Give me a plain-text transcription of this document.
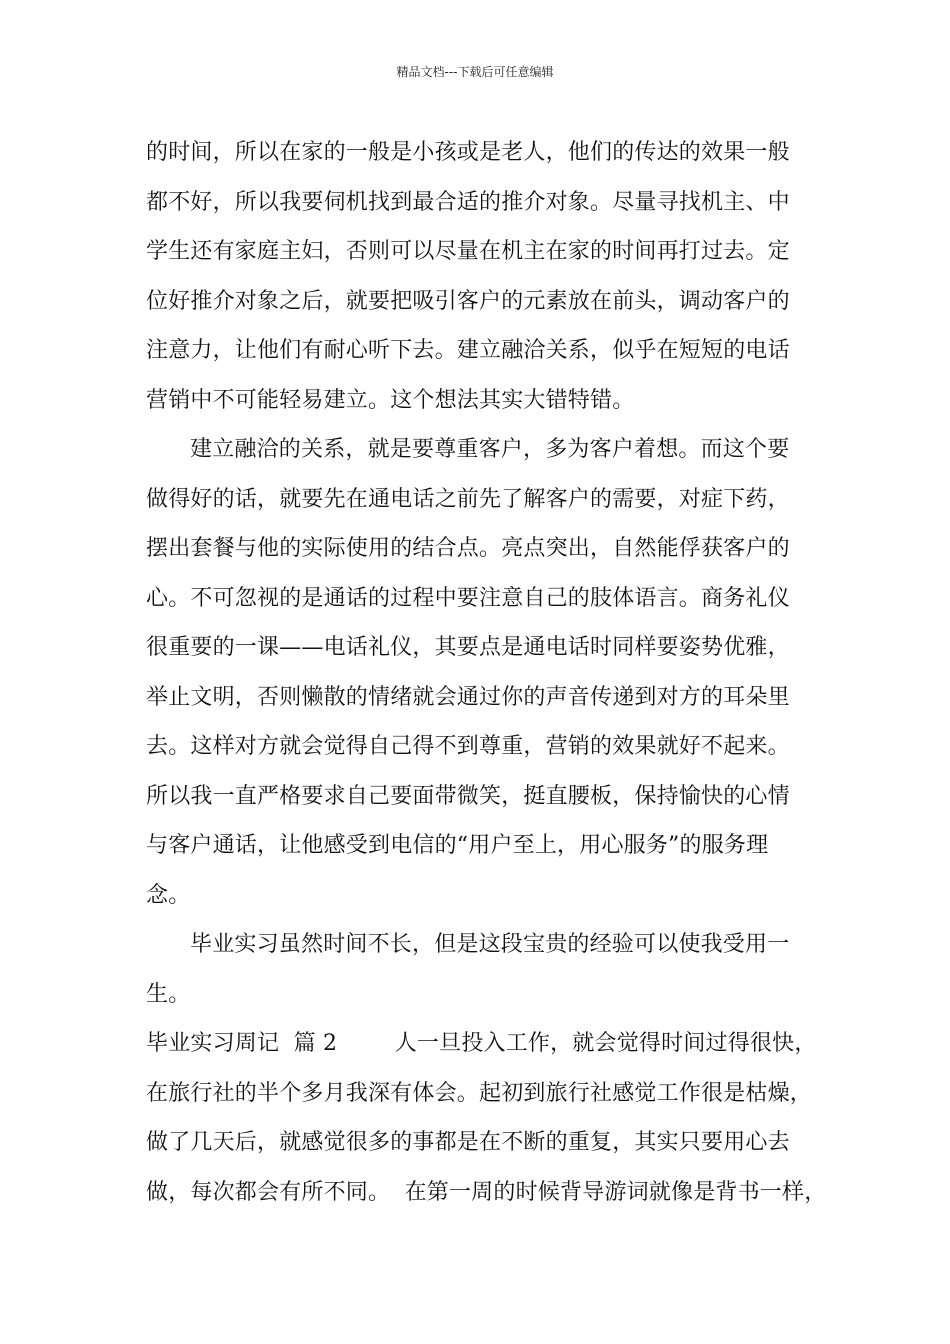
精品文档---下载后可任意编辑
的时间，所以在家的一般是小孩或是老人，他们的传达的效果一般
都不好，所以我要伺机找到最合适的推介对象。尽量寻找机主、中
学生还有家庭主妇，否则可以尽量在机主在家的时间再打过去。定
位好推介对象之后，就要把吸引客户的元素放在前头，调动客户的
注意力，让他们有耐心听下去。建立融洽关系，似乎在短短的电话
营销中不可能轻易建立。这个想法其实大错特错。
建立融洽的关系，就是要尊重客户，多为客户着想。而这个要
做得好的话，就要先在通电话之前先了解客户的需要，对症下药，
摆出套餐与他的实际使用的结合点。亮点突出，自然能俘获客户的
心。不可忽视的是通话的过程中要注意自己的肢体语言。商务礼仪
很重要的一课——电话礼仪，其要点是通电话时同样要姿势优雅，
举止文明，否则懒散的情绪就会通过你的声音传递到对方的耳朵里
去。这样对方就会觉得自己得不到尊重，营销的效果就好不起来。
所以我一直严格要求自己要面带微笑，挺直腰板，保持愉快的心情
与客户通话，让他感受到电信的“用户至上，用心服务”的服务理
念。
毕业实习虽然时间不长，但是这段宝贵的经验可以使我受用一
生。
毕业实习周记  篇 2        人一旦投入工作，就会觉得时间过得很快，
在旅行社的半个多月我深有体会。起初到旅行社感觉工作很是枯燥，
做了几天后，就感觉很多的事都是在不断的重复，其实只要用心去
做，每次都会有所不同。  在第一周的时候背导游词就像是背书一样，
